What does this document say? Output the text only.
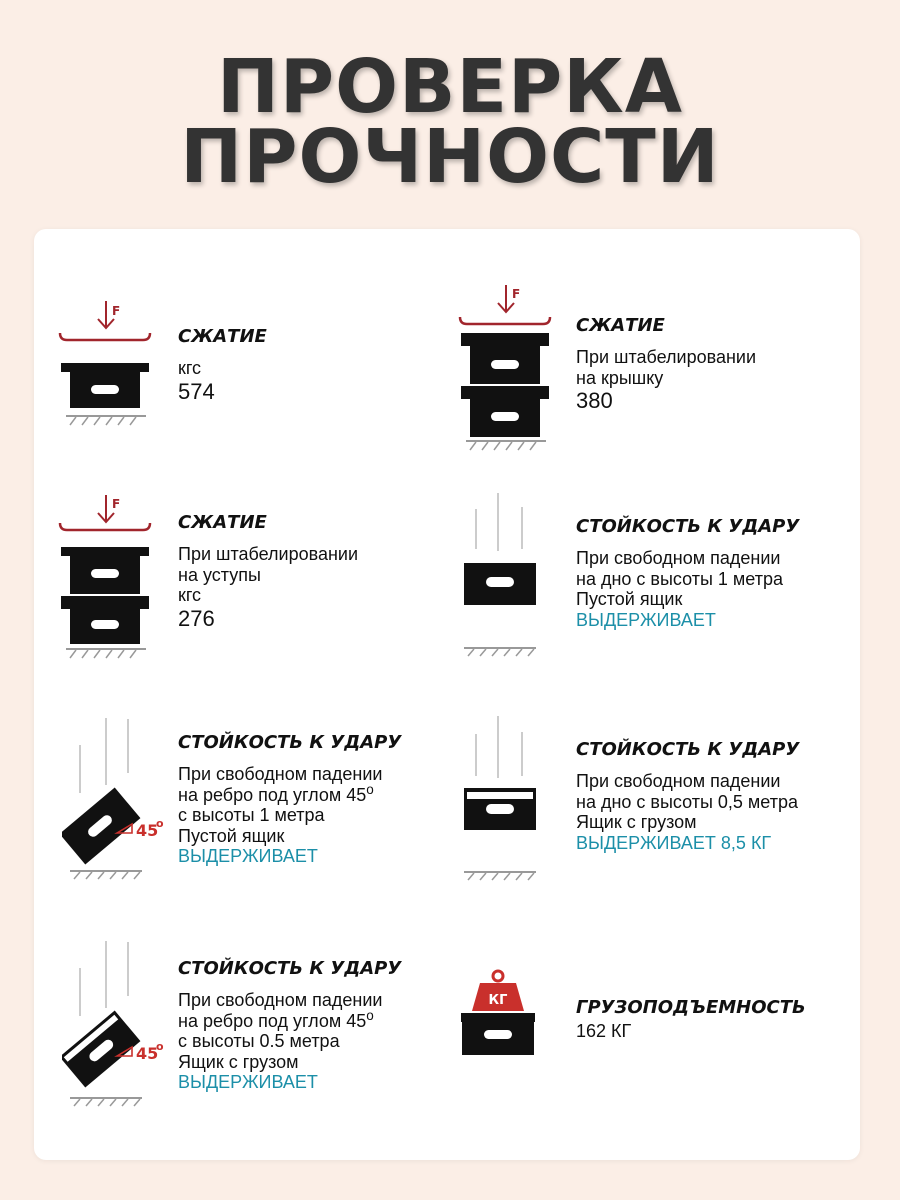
ПРОВЕРКА
ПРОЧНОСТИ
F
СЖАТИЕ
кгс
574
F
СЖАТИЕ
При штабелировании
на крышку
380
F
СЖАТИЕ
При штабелировании
на уступы
кгс
276
СТОЙКОСТЬ К УДАРУ
При свободном падении
на дно с высоты 1 метра
Пустой ящик
ВЫДЕРЖИВАЕТ
45
о
СТОЙКОСТЬ К УДАРУ
При свободном падении
на ребро под углом $45^о$
с высоты 1 метра
Пустой ящик
ВЫДЕРЖИВАЕТ
СТОЙКОСТЬ К УДАРУ
При свободном падении
на дно с высоты 0,5 метра
Ящик с грузом
ВЫДЕРЖИВАЕТ 8,5 КГ
45
о
СТОЙКОСТЬ К УДАРУ
При свободном падении
на ребро под углом $45^о$
с высоты 0.5 метра
Ящик с грузом
ВЫДЕРЖИВАЕТ
КГ	ГРУЗОПОДЪЕМНОСТЬ
162 КГ
